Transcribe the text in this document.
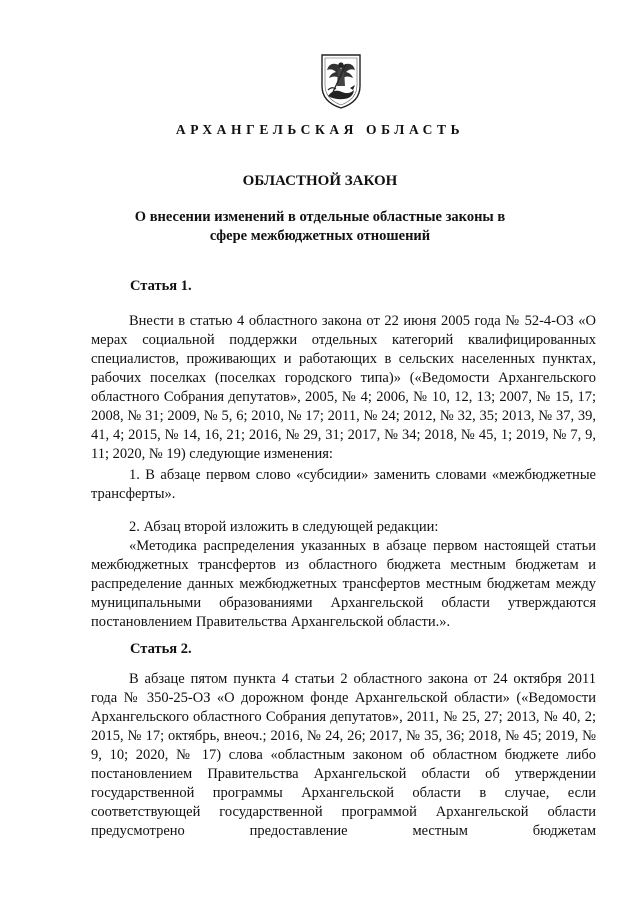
АРХАНГЕЛЬСКАЯ ОБЛАСТЬ
ОБЛАСТНОЙ ЗАКОН
О внесении изменений в отдельные областные законы в сфере межбюджетных отношений
Статья 1.

Внести в статью 4 областного закона от 22 июня 2005 года № 52-4-ОЗ «О мерах социальной поддержки отдельных категорий квалифицированных специалистов, проживающих и работающих в сельских населенных пунктах, рабочих поселках (поселках городского типа)» («Ведомости Архангельского областного Собрания депутатов», 2005, № 4; 2006, № 10, 12, 13; 2007, № 15, 17; 2008, № 31; 2009, № 5, 6; 2010, № 17; 2011, № 24; 2012, № 32, 35; 2013, № 37, 39, 41, 4; 2015, № 14, 16, 21; 2016, № 29, 31; 2017, № 34; 2018, № 45, 1; 2019, № 7, 9, 11; 2020, № 19) следующие изменения:

1. В абзаце первом слово «субсидии» заменить словами «межбюджетные трансферты».

2. Абзац второй изложить в следующей редакции:

«Методика распределения указанных в абзаце первом настоящей статьи межбюджетных трансфертов из областного бюджета местным бюджетам и распределение данных межбюджетных трансфертов местным бюджетам между муниципальными образованиями Архангельской области утверждаются постановлением Правительства Архангельской области.».

Статья 2.

В абзаце пятом пункта 4 статьи 2 областного закона от 24 октября 2011 года № 350-25-ОЗ «О дорожном фонде Архангельской области» («Ведомости Архангельского областного Собрания депутатов», 2011, № 25, 27; 2013, № 40, 2; 2015, № 17; октябрь, внеоч.; 2016, № 24, 26; 2017, № 35, 36; 2018, № 45; 2019, № 9, 10; 2020, № 17) слова «областным законом об областном бюджете либо постановлением Правительства Архангельской области об утверждении государственной программы Архангельской области в случае, если соответствующей государственной программой Архангельской области предусмотрено предоставление местным бюджетам
